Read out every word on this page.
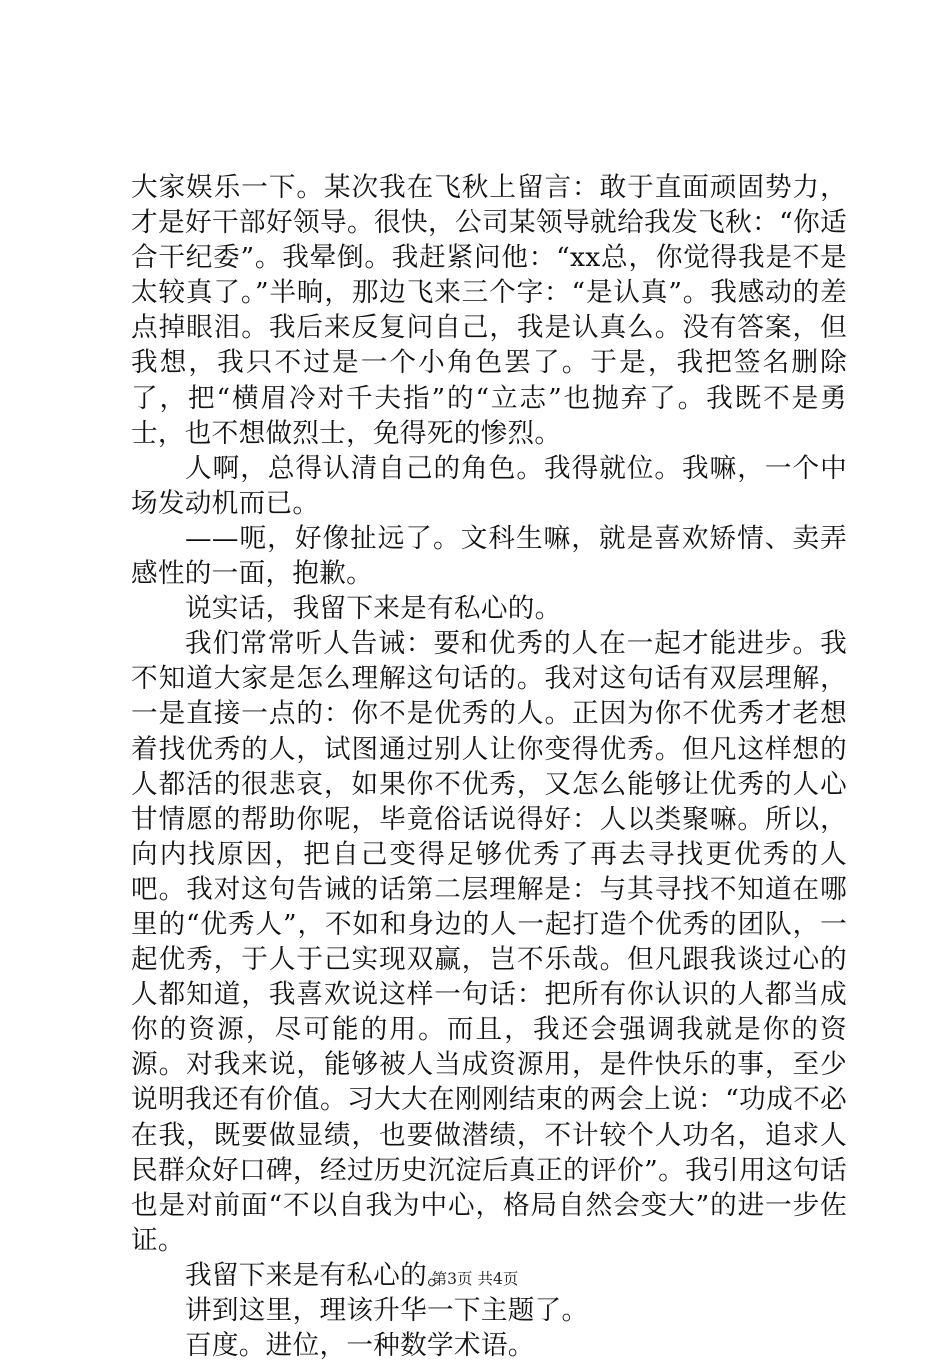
大家娱乐一下。某次我在飞秋上留言：敢于直面顽固势力，才是好干部好领导。很快，公司某领导就给我发飞秋：“你适合干纪委”。我晕倒。我赶紧问他：“xx总，你觉得我是不是太较真了。”半晌，那边飞来三个字：“是认真”。我感动的差点掉眼泪。我后来反复问自己，我是认真么。没有答案，但我想，我只不过是一个小角色罢了。于是，我把签名删除了，把“横眉冷对千夫指”的“立志”也抛弃了。我既不是勇士，也不想做烈士，免得死的惨烈。

人啊，总得认清自己的角色。我得就位。我嘛，一个中场发动机而已。

——呃，好像扯远了。文科生嘛，就是喜欢矫情、卖弄感性的一面，抱歉。

说实话，我留下来是有私心的。

我们常常听人告诫：要和优秀的人在一起才能进步。我不知道大家是怎么理解这句话的。我对这句话有双层理解，一是直接一点的：你不是优秀的人。正因为你不优秀才老想着找优秀的人，试图通过别人让你变得优秀。但凡这样想的人都活的很悲哀，如果你不优秀，又怎么能够让优秀的人心甘情愿的帮助你呢，毕竟俗话说得好：人以类聚嘛。所以，向内找原因，把自己变得足够优秀了再去寻找更优秀的人吧。我对这句告诫的话第二层理解是：与其寻找不知道在哪里的“优秀人”，不如和身边的人一起打造个优秀的团队，一起优秀，于人于己实现双赢，岂不乐哉。但凡跟我谈过心的人都知道，我喜欢说这样一句话：把所有你认识的人都当成你的资源，尽可能的用。而且，我还会强调我就是你的资源。对我来说，能够被人当成资源用，是件快乐的事，至少说明我还有价值。习大大在刚刚结束的两会上说：“功成不必在我，既要做显绩，也要做潜绩，不计较个人功名，追求人民群众好口碑，经过历史沉淀后真正的评价”。我引用这句话也是对前面“不以自我为中心，格局自然会变大”的进一步佐证。

我留下来是有私心的。

讲到这里，理该升华一下主题了。

百度。进位，一种数学术语。

第3页 共4页
